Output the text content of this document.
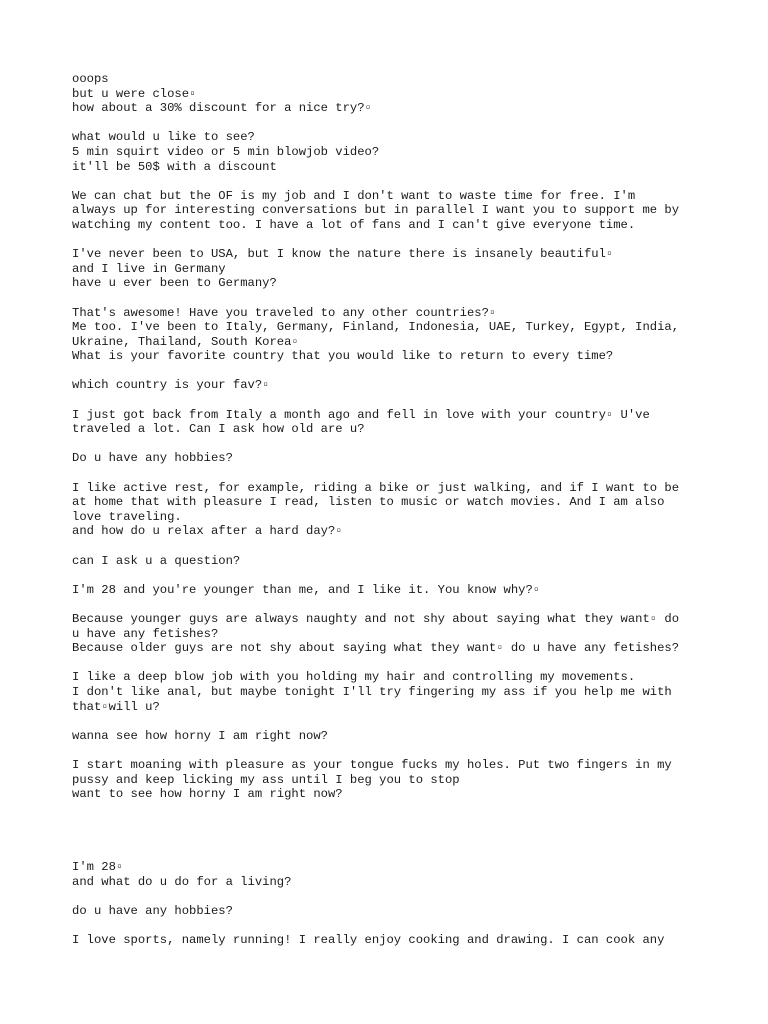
ooops
but u were close▫
how about a 30% discount for a nice try?▫
what would u like to see?
5 min squirt video or 5 min blowjob video?
it'll be 50$ with a discount
We can chat but the OF is my job and I don't want to waste time for free. I'm
always up for interesting conversations but in parallel I want you to support me by
watching my content too. I have a lot of fans and I can't give everyone time.
I've never been to USA, but I know the nature there is insanely beautiful▫
and I live in Germany
have u ever been to Germany?
That's awesome! Have you traveled to any other countries?▫
Me too. I've been to Italy, Germany, Finland, Indonesia, UAE, Turkey, Egypt, India,
Ukraine, Thailand, South Korea▫
What is your favorite country that you would like to return to every time?
which country is your fav?▫
I just got back from Italy a month ago and fell in love with your country▫ U've
traveled a lot. Can I ask how old are u?
Do u have any hobbies?
I like active rest, for example, riding a bike or just walking, and if I want to be
at home that with pleasure I read, listen to music or watch movies. And I am also
love traveling.
and how do u relax after a hard day?▫
can I ask u a question?
I'm 28 and you're younger than me, and I like it. You know why?▫
Because younger guys are always naughty and not shy about saying what they want▫ do
u have any fetishes?
Because older guys are not shy about saying what they want▫ do u have any fetishes?
I like a deep blow job with you holding my hair and controlling my movements.
I don't like anal, but maybe tonight I'll try fingering my ass if you help me with
that▫will u?
wanna see how horny I am right now?
I start moaning with pleasure as your tongue fucks my holes. Put two fingers in my
pussy and keep licking my ass until I beg you to stop
want to see how horny I am right now?
I'm 28▫
and what do u do for a living?
do u have any hobbies?
I love sports, namely running! I really enjoy cooking and drawing. I can cook any
